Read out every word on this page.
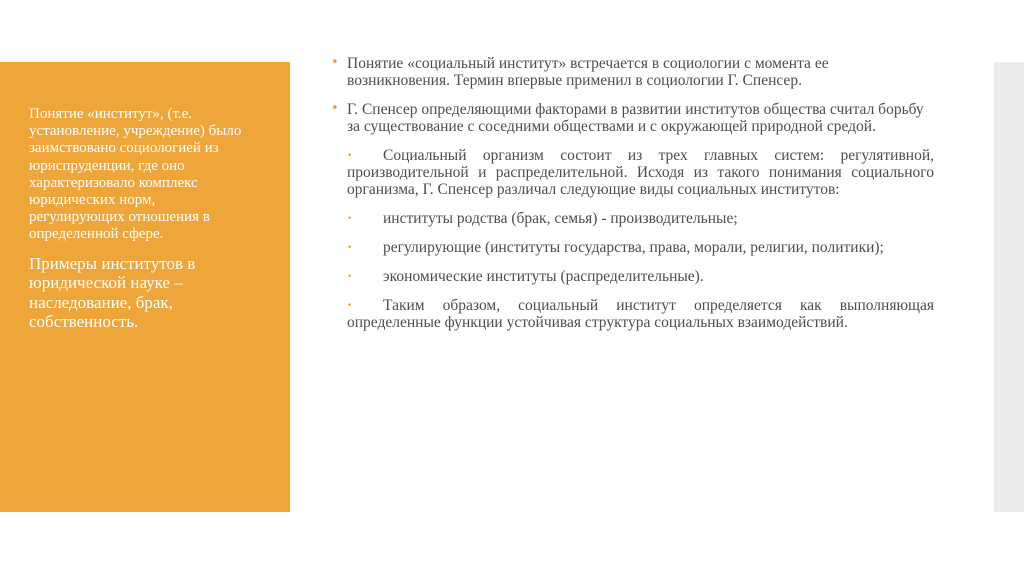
Понятие «институт», (т.е. установление, учреждение) было заимствовано социологией из юриспруденции, где оно характеризовало комплекс юридических норм, регулирующих отношения в определенной сфере.

Примеры институтов в юридической науке – наследование, брак, собственность.

• Понятие «социальный институт» встречается в социологии с момента ее возникновения. Термин впервые применил в социологии Г. Спенсер.
• Г. Спенсер определяющими факторами в развитии институтов общества считал борьбу за существование с соседними обществами и с окружающей природной средой.
•	Социальный организм состоит из трех главных систем: регулятивной, производительной и распределительной. Исходя из такого понимания социального организма, Г. Спенсер различал следующие виды социальных институтов:
•	институты родства (брак, семья) - производительные;
•	регулирующие (институты государства, права, морали, религии, политики);
•	экономические институты (распределительные).
•	Таким образом, социальный институт определяется как выполняющая определенные функции устойчивая структура социальных взаимодействий.
